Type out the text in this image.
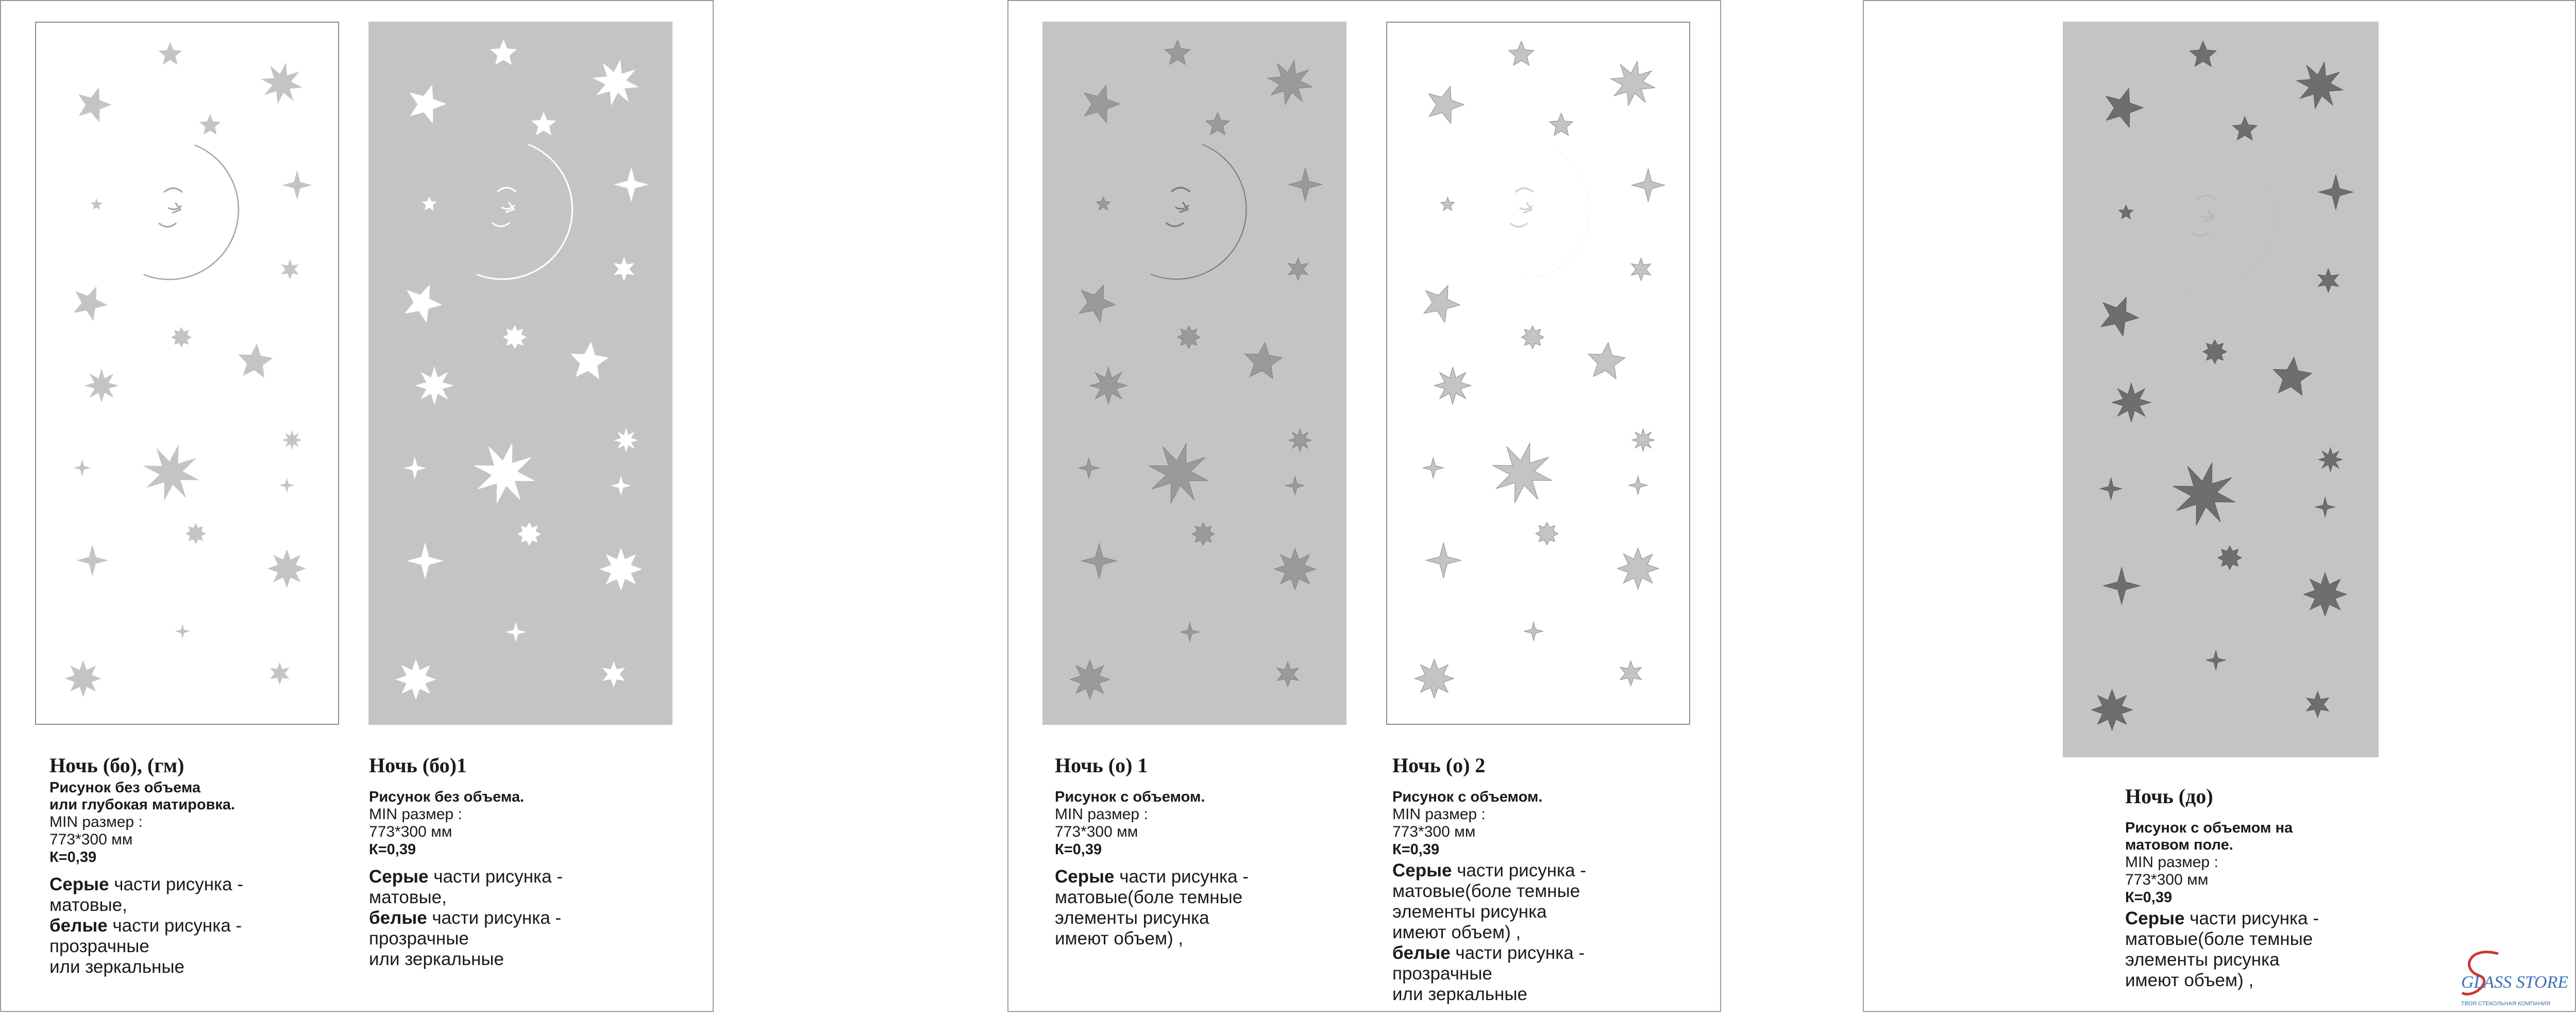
Ночь (бо), (гм)
Рисунок без объема
или глубокая матировка.
MIN размер :
773*300 мм
К=0,39
Серые части рисунка -
матовые,
белые части рисунка -
прозрачные
или зеркальные
Ночь (бо)1
Рисунок без объема.
MIN размер :
773*300 мм
К=0,39
Серые части рисунка -
матовые,
белые части рисунка -
прозрачные
или зеркальные
Ночь (о) 1
Рисунок с объемом.
MIN размер :
773*300 мм
К=0,39
Серые части рисунка -
матовые(боле темные
элементы рисунка
имеют объем) ,
Ночь (о) 2
Рисунок с объемом.
MIN размер :
773*300 мм
К=0,39
Серые части рисунка -
матовые(боле темные
элементы рисунка
имеют объем) ,
белые части рисунка -
прозрачные
или зеркальные
Ночь (до)
Рисунок с объемом на
матовом поле.
MIN размер :
773*300 мм
К=0,39
Серые части рисунка -
матовые(боле темные
элементы рисунка
имеют объем) ,	GLASS STORE
ТВОЯ СТЕКОЛЬНАЯ КОМПАНИЯ
